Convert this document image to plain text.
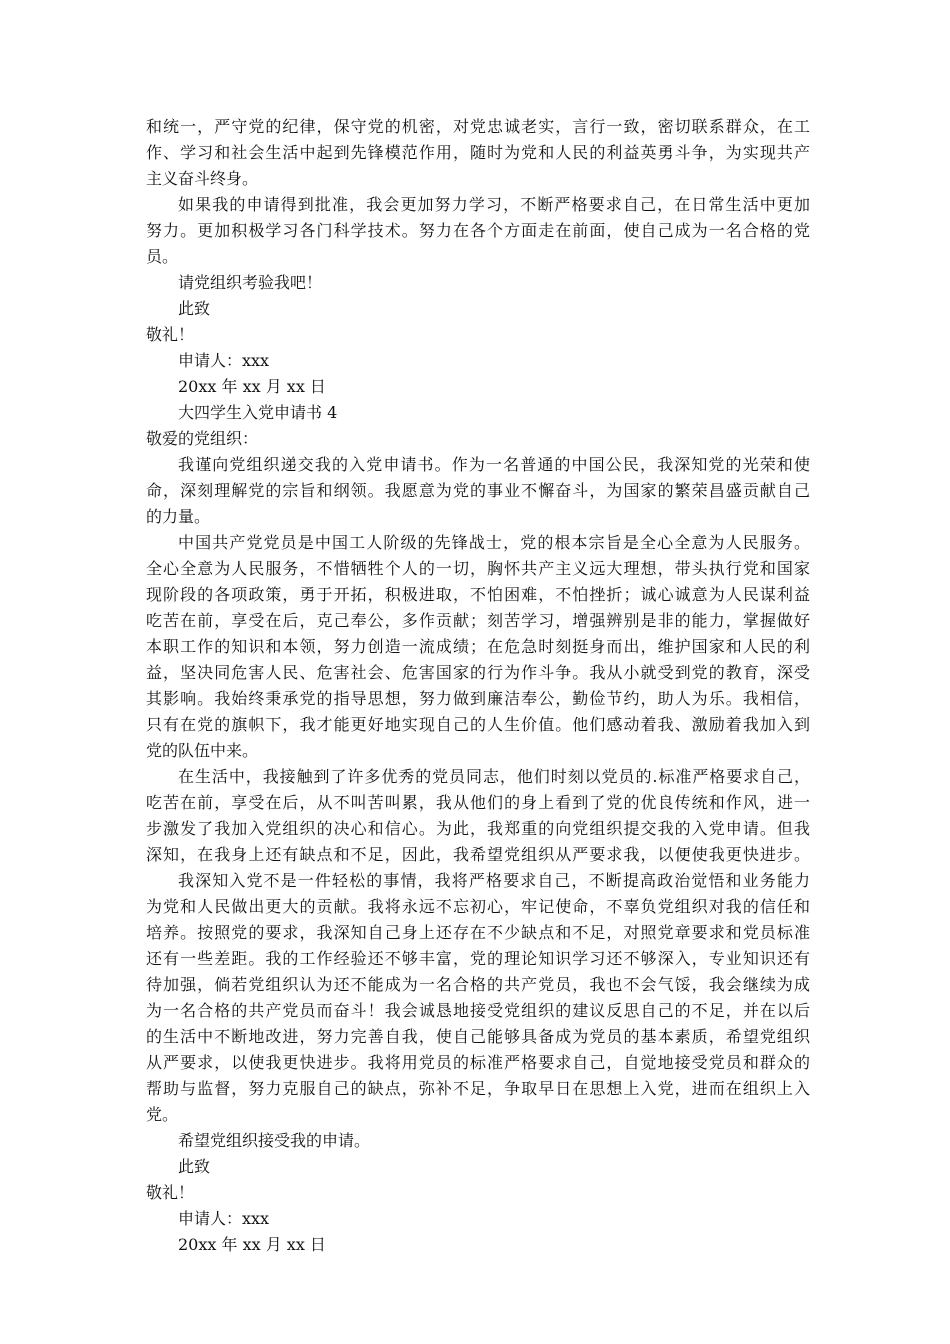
和统一，严守党的纪律，保守党的机密，对党忠诚老实，言行一致，密切联系群众，在工
作、学习和社会生活中起到先锋模范作用，随时为党和人民的利益英勇斗争，为实现共产
主义奋斗终身。
如果我的申请得到批准，我会更加努力学习，不断严格要求自己，在日常生活中更加
努力。更加积极学习各门科学技术。努力在各个方面走在前面，使自己成为一名合格的党
员。
请党组织考验我吧！
此致
敬礼！
申请人：xxx
20xx 年 xx 月 xx 日
大四学生入党申请书 4
敬爱的党组织：
我谨向党组织递交我的入党申请书。作为一名普通的中国公民，我深知党的光荣和使
命，深刻理解党的宗旨和纲领。我愿意为党的事业不懈奋斗，为国家的繁荣昌盛贡献自己
的力量。
中国共产党党员是中国工人阶级的先锋战士，党的根本宗旨是全心全意为人民服务。
全心全意为人民服务，不惜牺牲个人的一切，胸怀共产主义远大理想，带头执行党和国家
现阶段的各项政策，勇于开拓，积极进取，不怕困难，不怕挫折；诚心诚意为人民谋利益
吃苦在前，享受在后，克己奉公，多作贡献；刻苦学习，增强辨别是非的能力，掌握做好
本职工作的知识和本领，努力创造一流成绩；在危急时刻挺身而出，维护国家和人民的利
益，坚决同危害人民、危害社会、危害国家的行为作斗争。我从小就受到党的教育，深受
其影响。我始终秉承党的指导思想，努力做到廉洁奉公，勤俭节约，助人为乐。我相信，
只有在党的旗帜下，我才能更好地实现自己的人生价值。他们感动着我、激励着我加入到
党的队伍中来。
在生活中，我接触到了许多优秀的党员同志，他们时刻以党员的.标准严格要求自己，
吃苦在前，享受在后，从不叫苦叫累，我从他们的身上看到了党的优良传统和作风，进一
步激发了我加入党组织的决心和信心。为此，我郑重的向党组织提交我的入党申请。但我
深知，在我身上还有缺点和不足，因此，我希望党组织从严要求我，以便使我更快进步。
我深知入党不是一件轻松的事情，我将严格要求自己，不断提高政治觉悟和业务能力
为党和人民做出更大的贡献。我将永远不忘初心，牢记使命，不辜负党组织对我的信任和
培养。按照党的要求，我深知自己身上还存在不少缺点和不足，对照党章要求和党员标准
还有一些差距。我的工作经验还不够丰富，党的理论知识学习还不够深入，专业知识还有
待加强，倘若党组织认为还不能成为一名合格的共产党员，我也不会气馁，我会继续为成
为一名合格的共产党员而奋斗！我会诚恳地接受党组织的建议反思自己的不足，并在以后
的生活中不断地改进，努力完善自我，使自己能够具备成为党员的基本素质，希望党组织
从严要求，以使我更快进步。我将用党员的标准严格要求自己，自觉地接受党员和群众的
帮助与监督，努力克服自己的缺点，弥补不足，争取早日在思想上入党，进而在组织上入
党。
希望党组织接受我的申请。
此致
敬礼！
申请人：xxx
20xx 年 xx 月 xx 日
